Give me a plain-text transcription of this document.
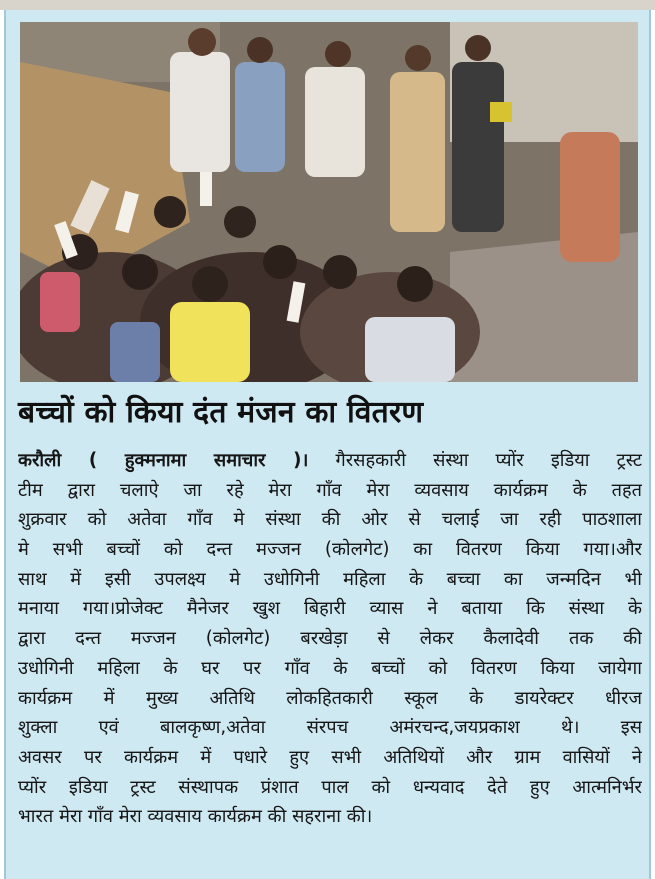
बच्चों को किया दंत मंजन का वितरण
करौली ( हुक्मनामा समाचार )। गैरसहकारी संस्था प्योंर इडिया ट्रस्ट
टीम द्वारा चलाऐ जा रहे मेरा गाँव मेरा व्यवसाय कार्यक्रम के तहत
शुक्रवार को अतेवा गाँव मे संस्था की ओर से चलाई जा रही पाठशाला
मे सभी बच्चों को दन्त मज्जन (कोलगेट) का वितरण किया गया।और
साथ में इसी उपलक्ष्य मे उधोगिनी महिला के बच्चा का जन्मदिन भी
मनाया गया।प्रोजेक्ट मैनेजर खुश बिहारी व्यास ने बताया कि संस्था के
द्वारा दन्त मज्जन (कोलगेट) बरखेड़ा से लेकर कैलादेवी तक की
उधोगिनी महिला के घर पर गाँव के बच्चों को वितरण किया जायेगा
कार्यक्रम में मुख्य अतिथि लोकहितकारी स्कूल के डायरेक्टर धीरज
शुक्ला एवं बालकृष्ण,अतेवा संरपच अमंरचन्द,जयप्रकाश थे। इस
अवसर पर कार्यक्रम में पधारे हुए सभी अतिथियों और ग्राम वासियों ने
प्योंर इडिया ट्रस्ट संस्थापक प्रंशात पाल को धन्यवाद देते हुए आत्मनिर्भर
भारत मेरा गाँव मेरा व्यवसाय कार्यक्रम की सहराना की।
